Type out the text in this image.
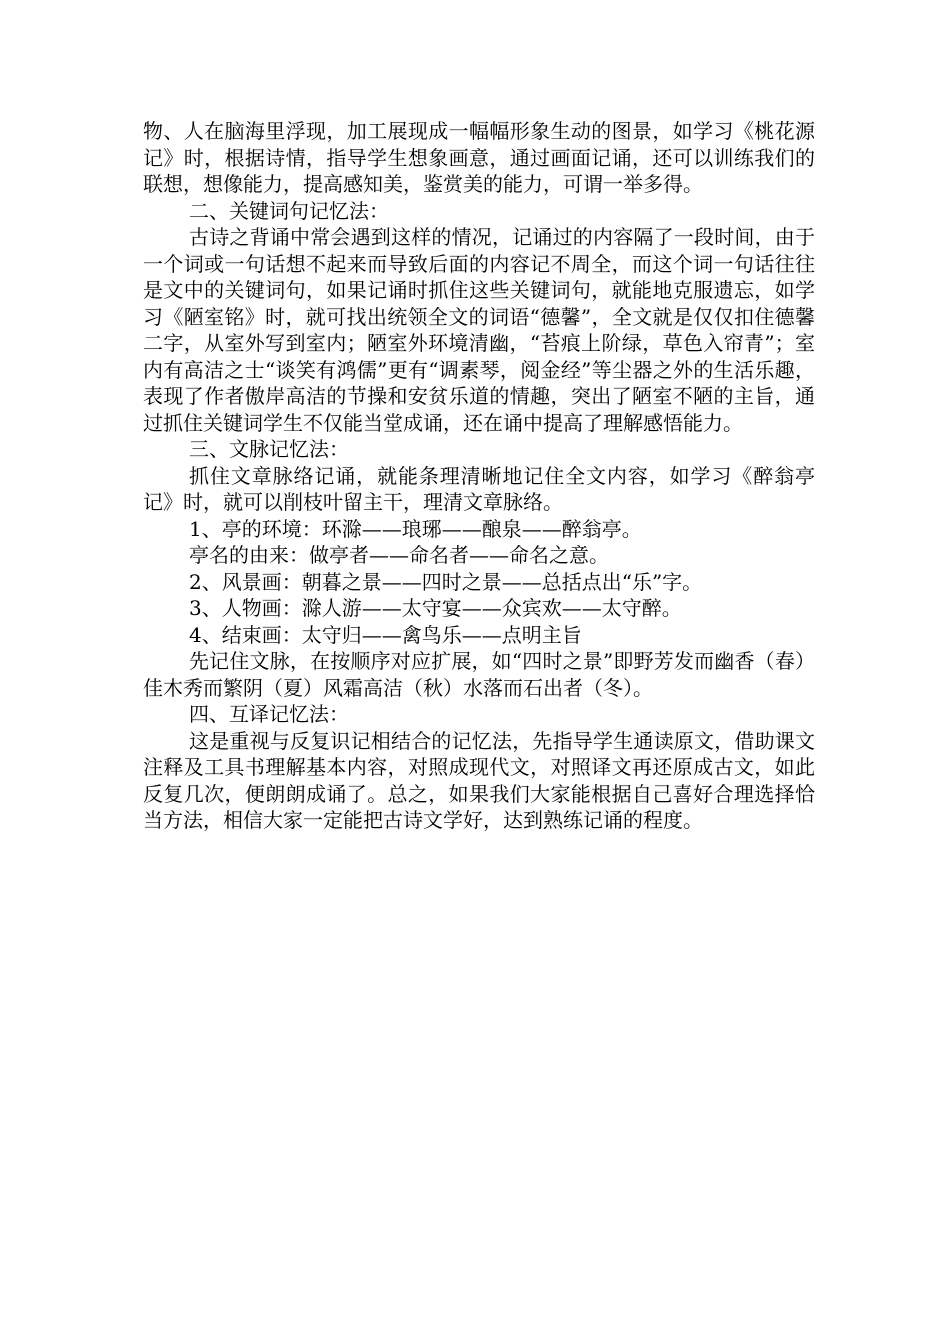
物、人在脑海里浮现，加工展现成一幅幅形象生动的图景，如学习《桃花源记》时，根据诗情，指导学生想象画意，通过画面记诵，还可以训练我们的联想，想像能力，提高感知美，鉴赏美的能力，可谓一举多得。

二、关键词句记忆法：

古诗之背诵中常会遇到这样的情况，记诵过的内容隔了一段时间，由于一个词或一句话想不起来而导致后面的内容记不周全，而这个词一句话往往是文中的关键词句，如果记诵时抓住这些关键词句，就能地克服遗忘，如学习《陋室铭》时，就可找出统领全文的词语“德馨”，全文就是仅仅扣住德馨二字，从室外写到室内；陋室外环境清幽，“苔痕上阶绿，草色入帘青”；室内有高洁之士“谈笑有鸿儒”更有“调素琴，阅金经”等尘器之外的生活乐趣，表现了作者傲岸高洁的节操和安贫乐道的情趣，突出了陋室不陋的主旨，通过抓住关键词学生不仅能当堂成诵，还在诵中提高了理解感悟能力。

三、文脉记忆法：

抓住文章脉络记诵，就能条理清晰地记住全文内容，如学习《醉翁亭记》时，就可以削枝叶留主干，理清文章脉络。

1、亭的环境：环滁——琅琊——酿泉——醉翁亭。

亭名的由来：做亭者——命名者——命名之意。

2、风景画：朝暮之景——四时之景——总括点出“乐”字。

3、人物画：滁人游——太守宴——众宾欢——太守醉。

4、结束画：太守归——禽鸟乐——点明主旨

先记住文脉，在按顺序对应扩展，如“四时之景”即野芳发而幽香（春）佳木秀而繁阴（夏）风霜高洁（秋）水落而石出者（冬）。

四、互译记忆法：

这是重视与反复识记相结合的记忆法，先指导学生通读原文，借助课文注释及工具书理解基本内容，对照成现代文，对照译文再还原成古文，如此反复几次，便朗朗成诵了。总之，如果我们大家能根据自己喜好合理选择恰当方法，相信大家一定能把古诗文学好，达到熟练记诵的程度。
